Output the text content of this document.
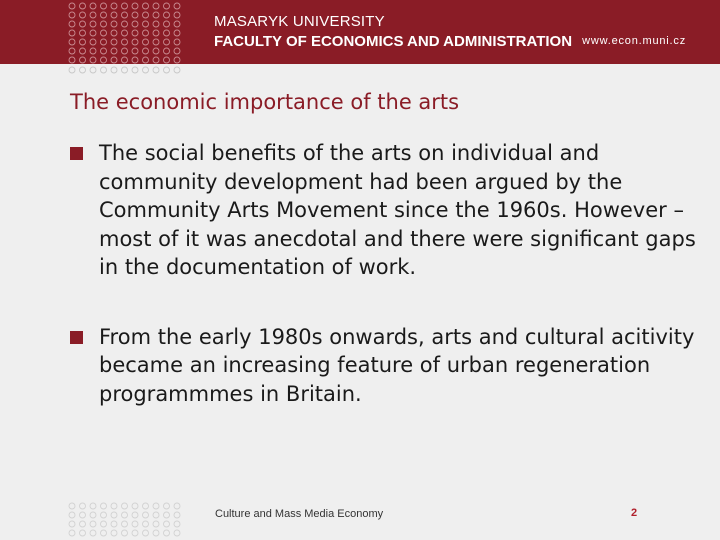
MASARYK UNIVERSITY
FACULTY OF ECONOMICS AND ADMINISTRATION www.econ.muni.cz
The economic importance of the arts
The social benefits of the arts on individual and community development had been argued by the Community Arts Movement since the 1960s. However – most of it was anecdotal and there were significant gaps in the documentation of work.
From the early 1980s onwards, arts and cultural acitivity became an increasing feature of urban regeneration programmmes in Britain.
Culture and Mass Media Economy	2
